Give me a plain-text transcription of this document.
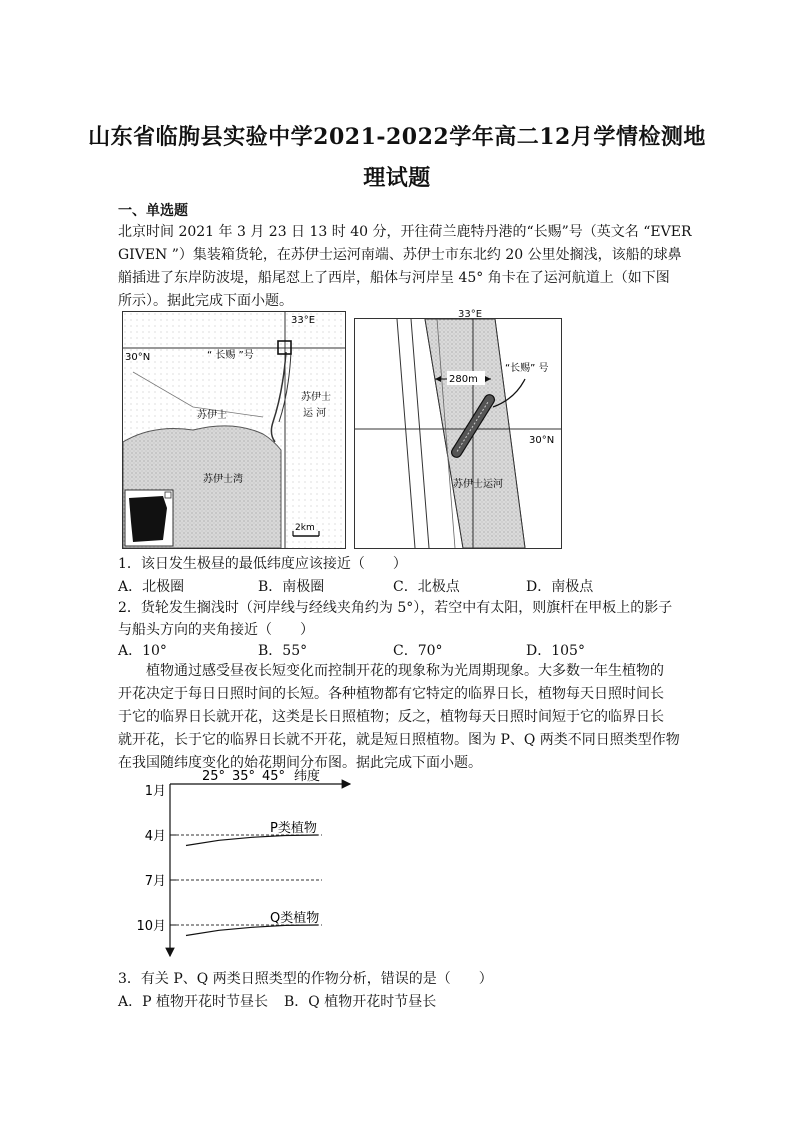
山东省临朐县实验中学2021-2022学年高二12月学情检测地
理试题
一、单选题
北京时间 2021 年 3 月 23 日 13 时 40 分，开往荷兰鹿特丹港的“长赐”号（英文名 “EVER
GIVEN ”）集装箱货轮，在苏伊士运河南端、苏伊士市东北约 20 公里处搁浅，该船的球鼻
艏插进了东岸防波堤，船尾怼上了西岸，船体与河岸呈 45° 角卡在了运河航道上（如下图
所示）。据此完成下面小题。
33°E
30°N	“ 长赐 ”号
苏伊士
苏伊士
运 河
苏伊士湾
2km
280m
“长赐” 号
30°N
苏伊士运河
33°E
1．该日发生极昼的最低纬度应该接近（　　）
A．北极圈	B．南极圈	C．北极点	D．南极点
2．货轮发生搁浅时（河岸线与经线夹角约为 5°），若空中有太阳，则旗杆在甲板上的影子
与船头方向的夹角接近（　　）
A．10°	B．55°	C．70°	D．105°
植物通过感受昼夜长短变化而控制开花的现象称为光周期现象。大多数一年生植物的
开花决定于每日日照时间的长短。各种植物都有它特定的临界日长，植物每天日照时间长
于它的临界日长就开花，这类是长日照植物；反之，植物每天日照时间短于它的临界日长
就开花，长于它的临界日长就不开花，就是短日照植物。图为 P、Q 两类不同日照类型作物
在我国随纬度变化的始花期间分布图。据此完成下面小题。
25° 35° 45° 纬度
1月
4月
7月
10月
P类植物
Q类植物
3．有关 P、Q 两类日照类型的作物分析，错误的是（　　）
A．P 植物开花时节昼长 B．Q 植物开花时节昼长
